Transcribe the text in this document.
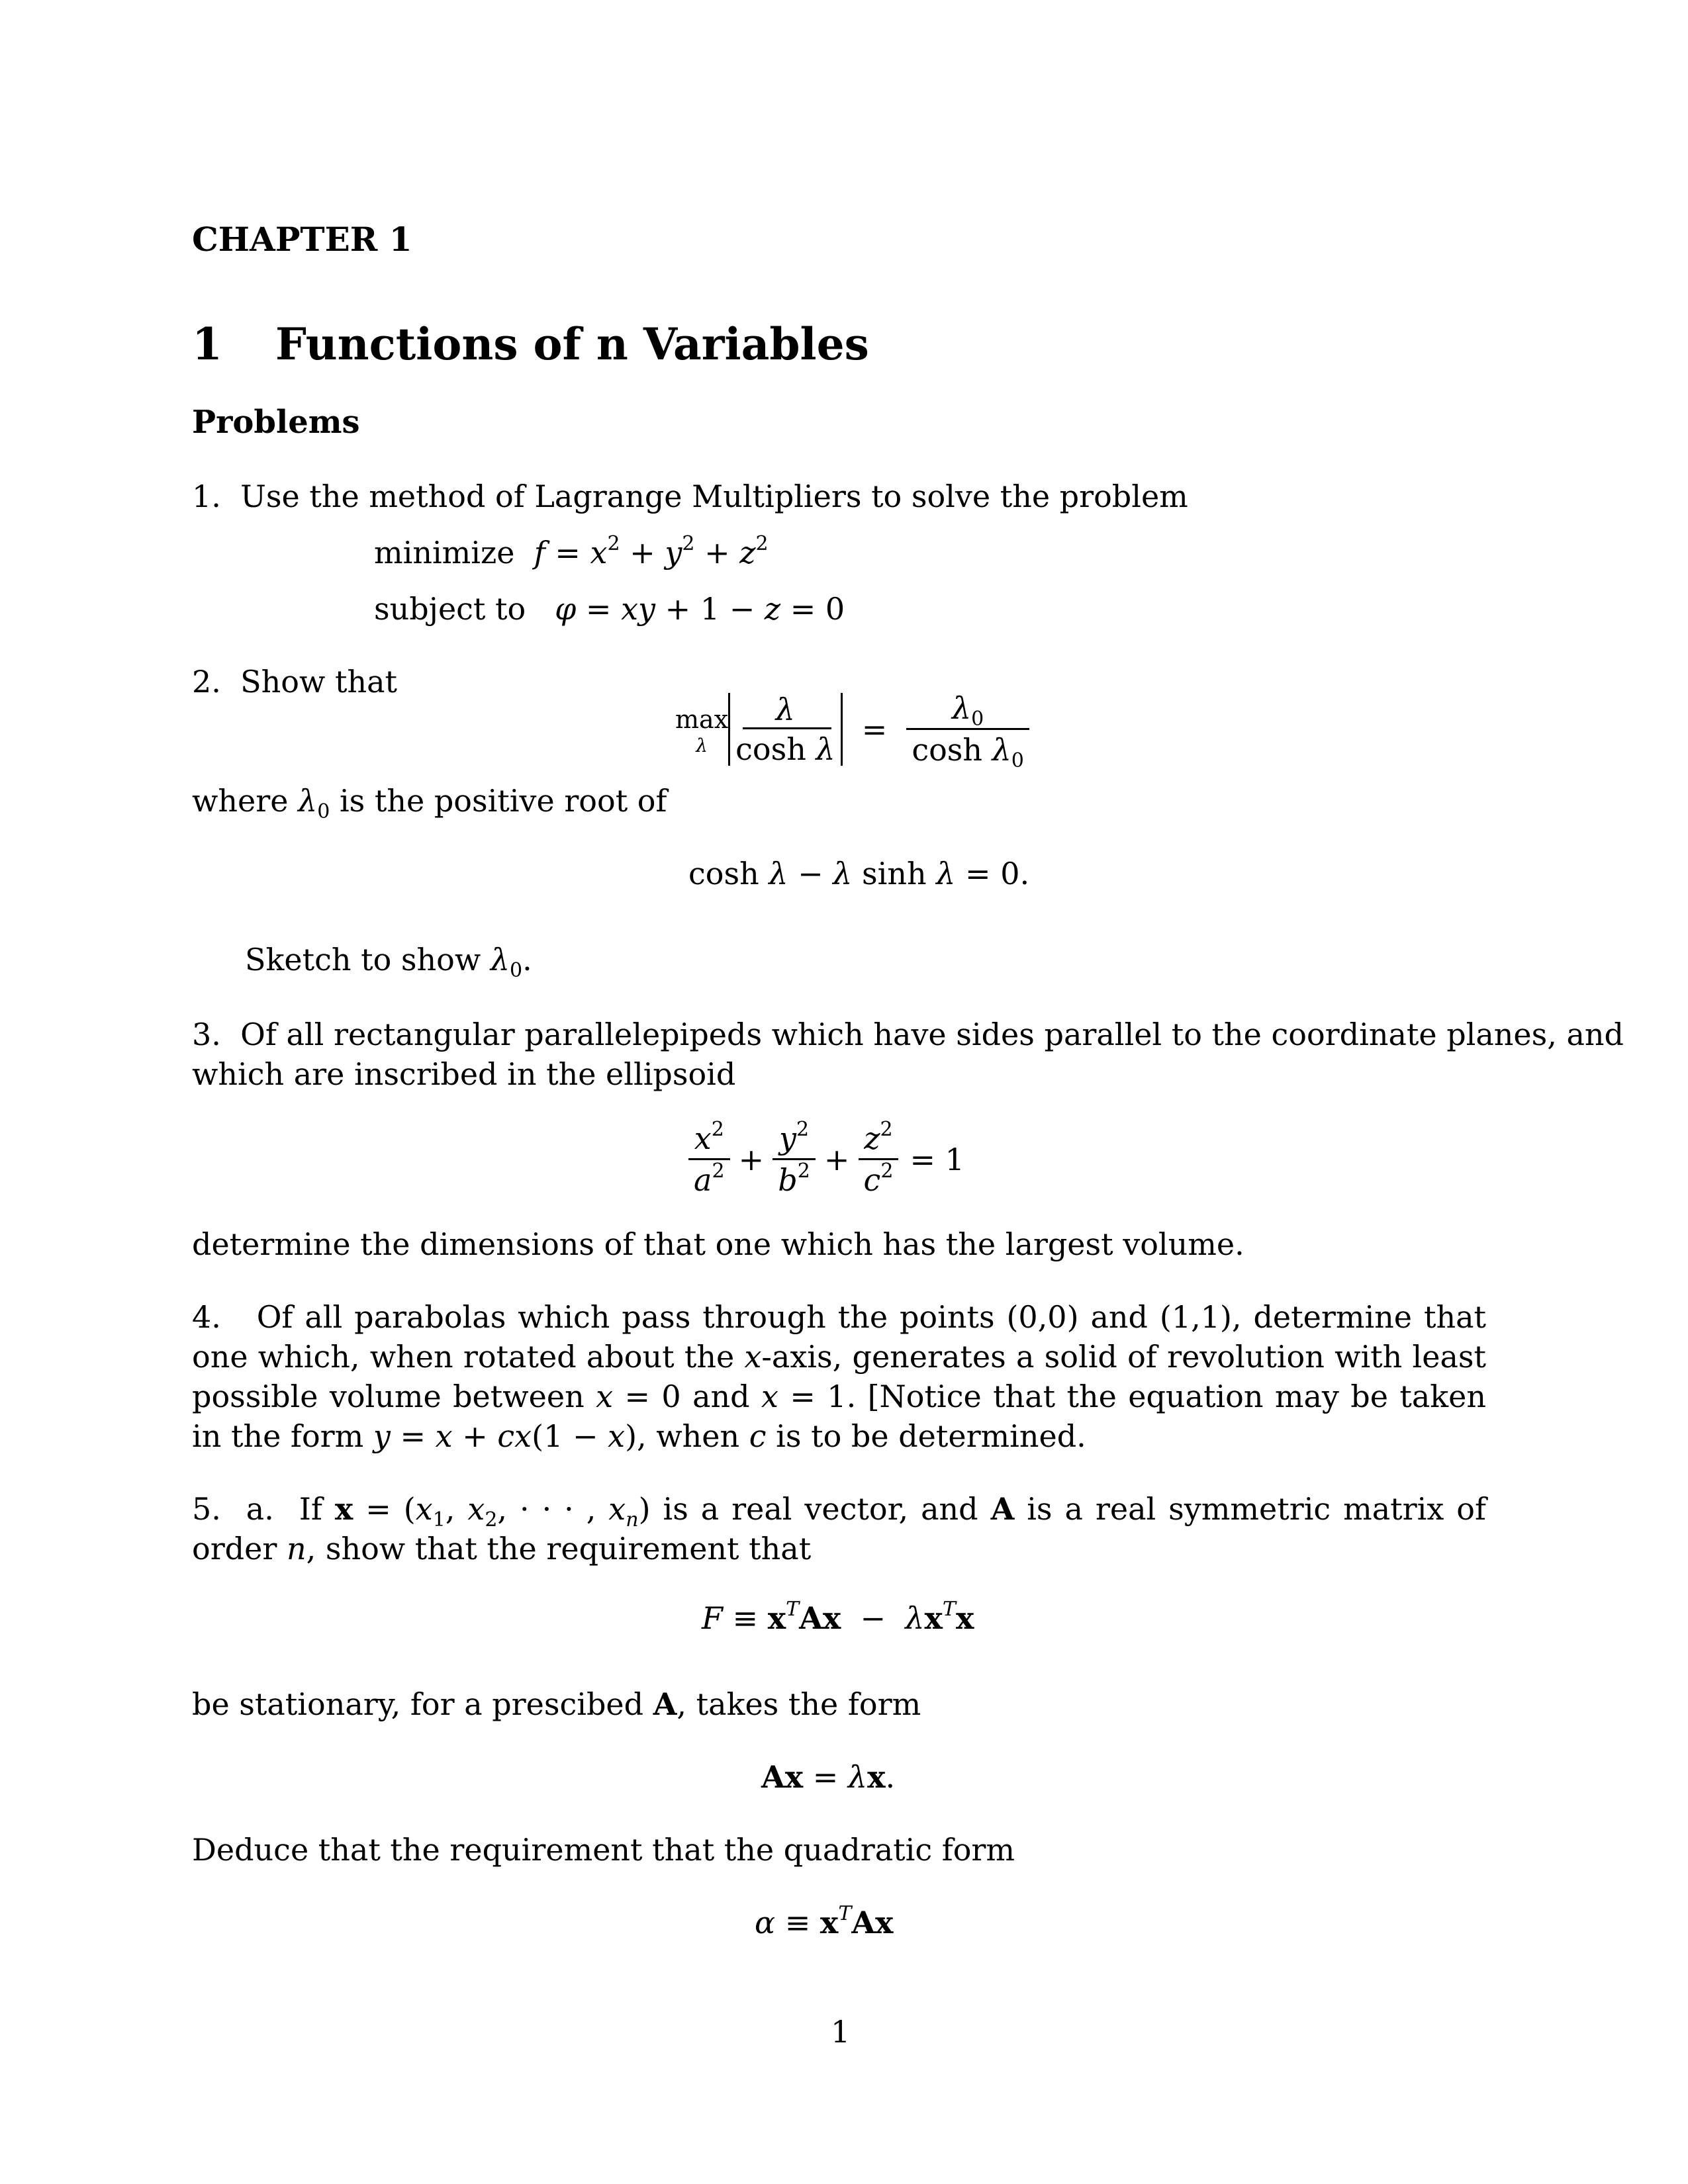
CHAPTER 1
1 Functions of n Variables
Problems
1. Use the method of Lagrange Multipliers to solve the problem
minimize $f = x^2 + y^2 + z^2$
subject to φ = xy + 1 − z = 0
2. Show that
max
λ
λ
cosh λ
= $\frac{\lambda_0}{\cosh \lambda_0}$
where $\lambda_0$ is the positive root of
cosh λ − λ sinh λ = 0.
Sketch to show $\lambda_0$.
3. Of all rectangular parallelepipeds which have sides parallel to the coordinate planes, and
which are inscribed in the ellipsoid
$\frac{x^2}{a^2} + \frac{y^2}{b^2} + \frac{z^2}{c^2} = 1$
determine the dimensions of that one which has the largest volume.
4. Of all parabolas which pass through the points (0,0) and (1,1), determine that one which, when rotated about the x-axis, generates a solid of revolution with least possible volume between x = 0 and x = 1. [Notice that the equation may be taken in the form y = x + cx(1 − x), when c is to be determined.
5. a. If $x = (x_1$, $x_2$, · · · , $x_n$) is a real vector, and A is a real symmetric matrix of order n, show that the requirement that
$F \equiv x^TAx - \lambda x^Tx$
be stationary, for a prescibed A, takes the form
Ax = λx.
Deduce that the requirement that the quadratic form
$\alpha \equiv x^TAx$
1
